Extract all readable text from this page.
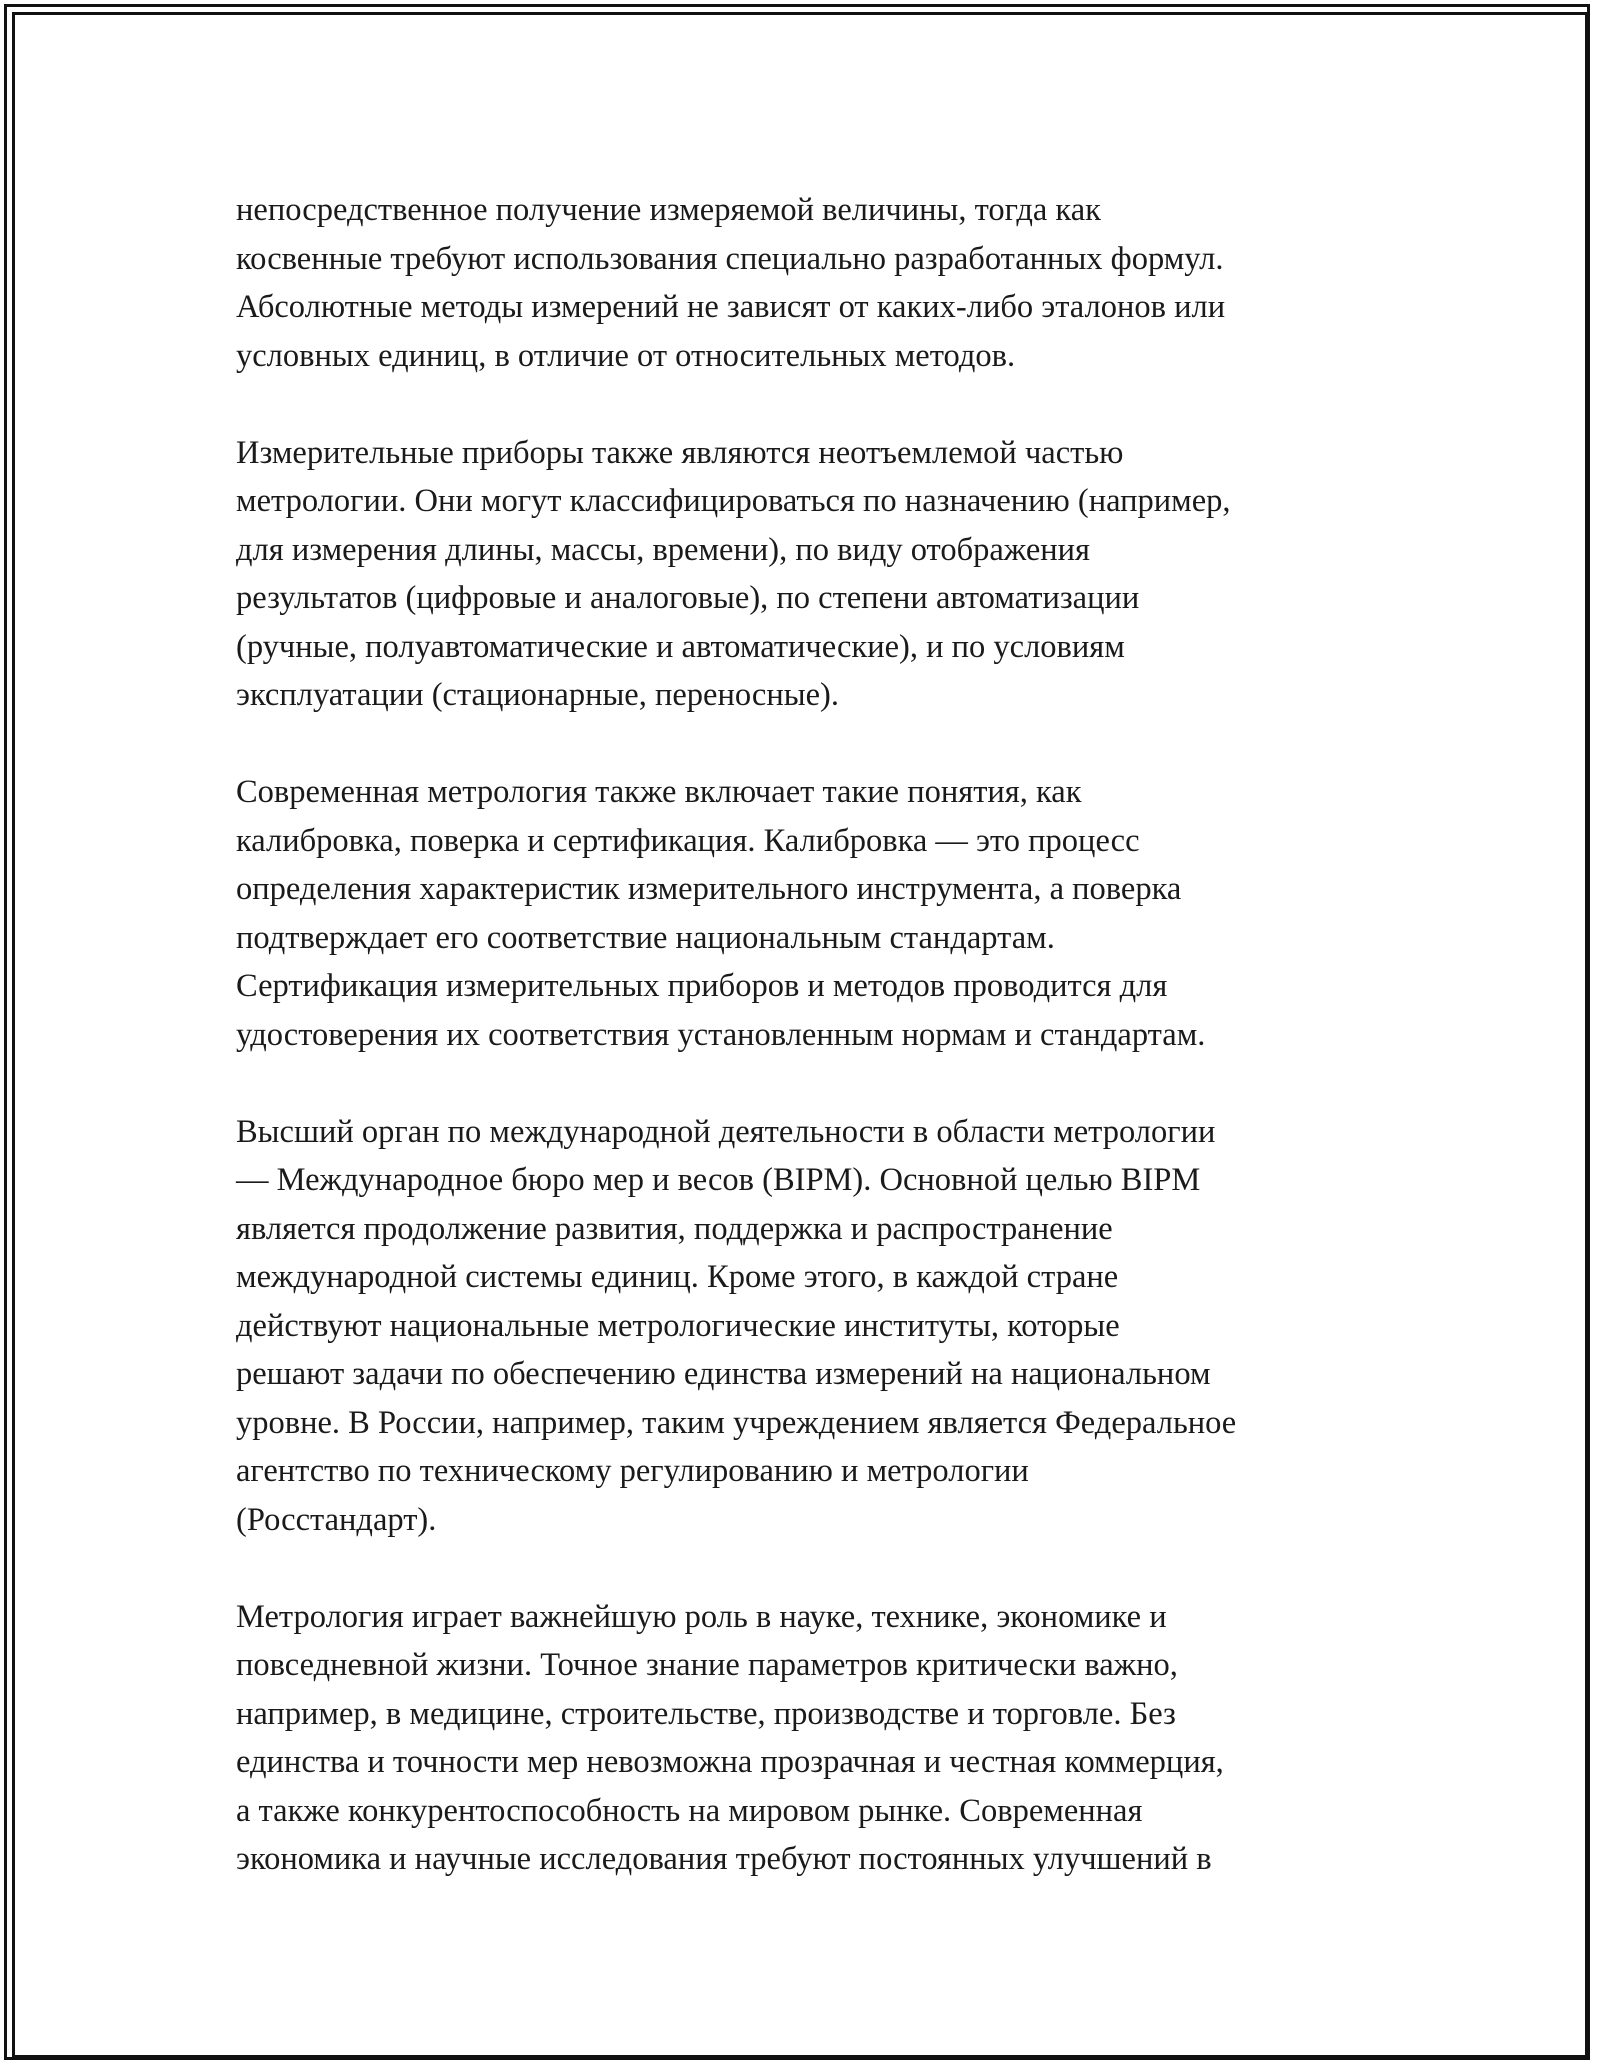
непосредственное получение измеряемой величины, тогда как
косвенные требуют использования специально разработанных формул.
Абсолютные методы измерений не зависят от каких-либо эталонов или
условных единиц, в отличие от относительных методов.

Измерительные приборы также являются неотъемлемой частью
метрологии. Они могут классифицироваться по назначению (например,
для измерения длины, массы, времени), по виду отображения
результатов (цифровые и аналоговые), по степени автоматизации
(ручные, полуавтоматические и автоматические), и по условиям
эксплуатации (стационарные, переносные).

Современная метрология также включает такие понятия, как
калибровка, поверка и сертификация. Калибровка — это процесс
определения характеристик измерительного инструмента, а поверка
подтверждает его соответствие национальным стандартам.
Сертификация измерительных приборов и методов проводится для
удостоверения их соответствия установленным нормам и стандартам.

Высший орган по международной деятельности в области метрологии
— Международное бюро мер и весов (BIPM). Основной целью BIPM
является продолжение развития, поддержка и распространение
международной системы единиц. Кроме этого, в каждой стране
действуют национальные метрологические институты, которые
решают задачи по обеспечению единства измерений на национальном
уровне. В России, например, таким учреждением является Федеральное
агентство по техническому регулированию и метрологии
(Росстандарт).

Метрология играет важнейшую роль в науке, технике, экономике и
повседневной жизни. Точное знание параметров критически важно,
например, в медицине, строительстве, производстве и торговле. Без
единства и точности мер невозможна прозрачная и честная коммерция,
а также конкурентоспособность на мировом рынке. Современная
экономика и научные исследования требуют постоянных улучшений в
